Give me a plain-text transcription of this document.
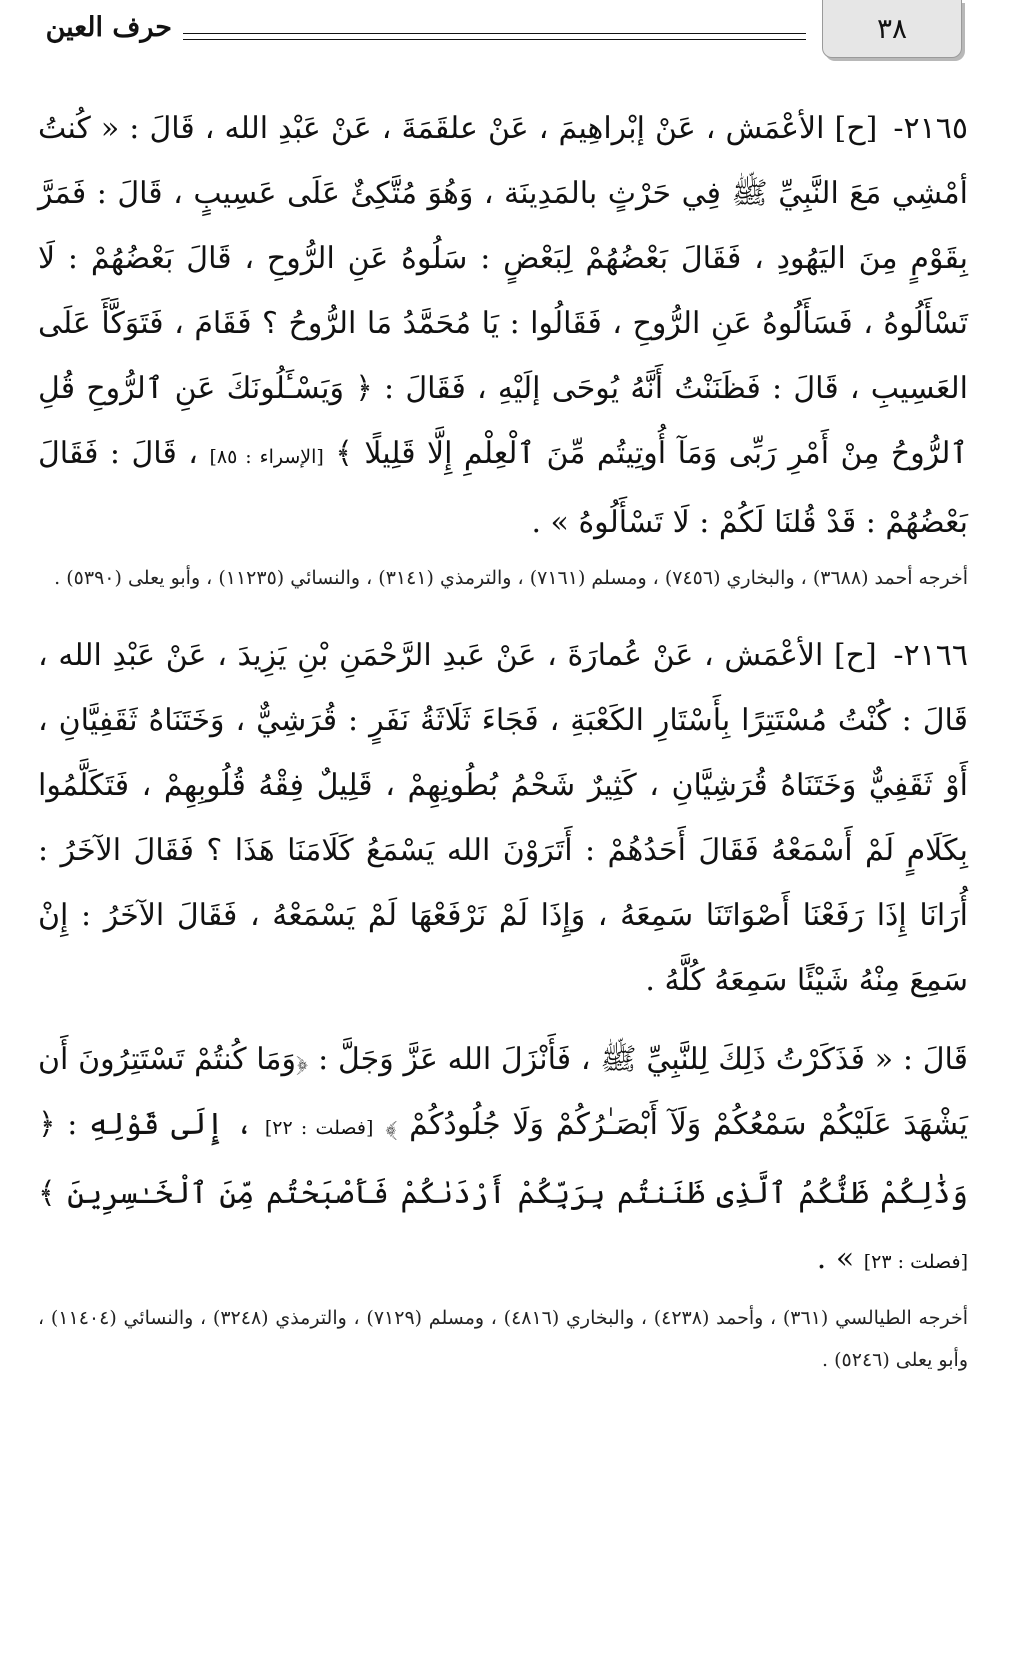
٣٨
حرف العين

٢١٦٥- [ح] الأعْمَش ، عَنْ إبْراهِيمَ ، عَنْ علقَمَةَ ، عَنْ عَبْدِ الله ، قَالَ : « كُنتُ أمْشِي مَعَ النَّبِيِّ ﷺ فِي حَرْثٍ بالمَدِينَة ، وَهُوَ مُتَّكِئٌ عَلَى عَسِيبٍ ، قَالَ : فَمَرَّ بِقَوْمٍ مِنَ اليَهُودِ ، فَقَالَ بَعْضُهُمْ لِبَعْضٍ : سَلُوهُ عَنِ الرُّوحِ ، قَالَ بَعْضُهُمْ : لَا تَسْأَلُوهُ ، فَسَأَلُوهُ عَنِ الرُّوحِ ، فَقَالُوا : يَا مُحَمَّدُ مَا الرُّوحُ ؟ فَقَامَ ، فَتَوَكَّأَ عَلَى العَسِيبِ ، قَالَ : فَظَنَنْتُ أَنَّهُ يُوحَى إلَيْهِ ، فَقَالَ : ﴿ وَيَسْـَٔلُونَكَ عَنِ ٱلرُّوحِ قُلِ ٱلرُّوحُ مِنْ أَمْرِ رَبِّى وَمَآ أُوتِيتُم مِّنَ ٱلْعِلْمِ إِلَّا قَلِيلًا ﴾ [الإسراء : ٨٥] ، قَالَ : فَقَالَ بَعْضُهُمْ : قَدْ قُلنَا لَكُمْ : لَا تَسْأَلُوهُ » .

أخرجه أحمد (٣٦٨٨) ، والبخاري (٧٤٥٦) ، ومسلم (٧١٦١) ، والترمذي (٣١٤١) ، والنسائي (١١٢٣٥) ، وأبو يعلى (٥٣٩٠) .

٢١٦٦- [ح] الأعْمَش ، عَنْ عُمارَةَ ، عَنْ عَبدِ الرَّحْمَنِ بْنِ يَزِيدَ ، عَنْ عَبْدِ الله ، قَالَ : كُنْتُ مُسْتَتِرًا بِأَسْتَارِ الكَعْبَةِ ، فَجَاءَ ثَلَاثَةُ نَفَرٍ : قُرَشِيٌّ ، وَخَتَنَاهُ ثَقَفِيَّانِ ، أَوْ ثَقَفِيٌّ وَخَتَنَاهُ قُرَشِيَّانِ ، كَثِيرٌ شَحْمُ بُطُونِهِمْ ، قَلِيلٌ فِقْهُ قُلُوبِهِمْ ، فَتَكَلَّمُوا بِكَلَامٍ لَمْ أَسْمَعْهُ فَقَالَ أَحَدُهُمْ : أَتَرَوْنَ الله يَسْمَعُ كَلَامَنَا هَذَا ؟ فَقَالَ الآخَرُ : أُرَانَا إِذَا رَفَعْنَا أَصْوَاتَنَا سَمِعَهُ ، وَإِذَا لَمْ نَرْفَعْهَا لَمْ يَسْمَعْهُ ، فَقَالَ الآخَرُ : إِنْ سَمِعَ مِنْهُ شَيْئًا سَمِعَهُ كُلَّهُ .

قَالَ : « فَذَكَرْتُ ذَلِكَ لِلنَّبِيِّ ﷺ ، فَأَنْزَلَ الله عَزَّ وَجَلَّ : ﴿وَمَا كُنتُمْ تَسْتَتِرُونَ أَن يَشْهَدَ عَلَيْكُمْ سَمْعُكُمْ وَلَآ أَبْصَـٰرُكُمْ وَلَا جُلُودُكُمْ ﴾ [فصلت : ٢٢] ، إِلَى قَوْلِهِ : ﴿ وَذَٰلِكُمْ ظَنُّكُمُ ٱلَّذِى ظَنَنتُم بِرَبِّكُمْ أَرْدَىٰكُمْ فَأَصْبَحْتُم مِّنَ ٱلْخَـٰسِرِينَ ﴾ [فصلت : ٢٣] » .

أخرجه الطيالسي (٣٦١) ، وأحمد (٤٢٣٨) ، والبخاري (٤٨١٦) ، ومسلم (٧١٢٩) ، والترمذي (٣٢٤٨) ، والنسائي (١١٤٠٤) ، وأبو يعلى (٥٢٤٦) .
